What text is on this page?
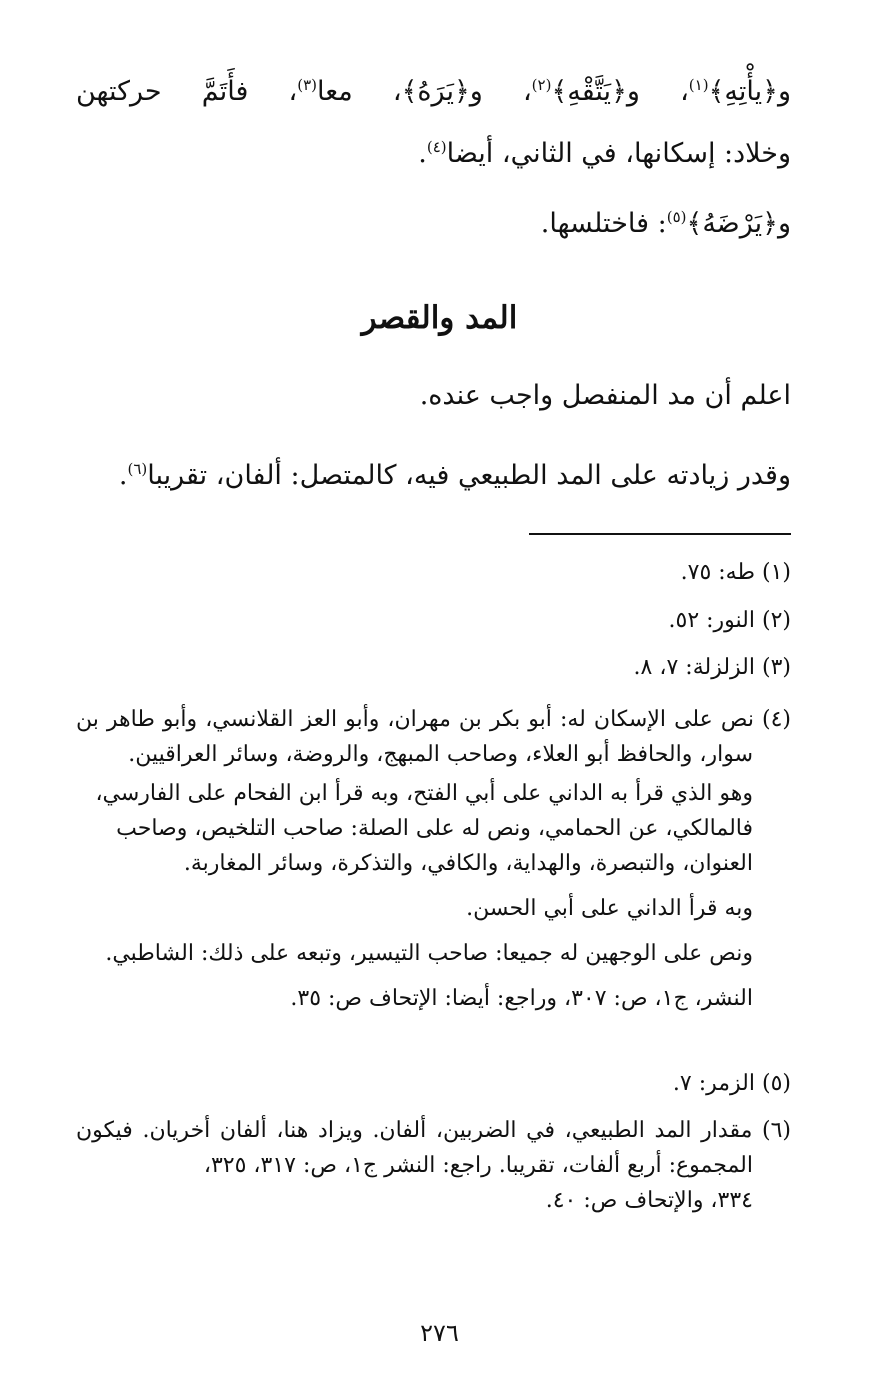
و﴿يأْتِهِ﴾$^{(١)}$، و﴿يَتَّقْهِ﴾$^{(٢)}$، و﴿يَرَهُ﴾، معا$^{(٣)}$، فأَتَمَّ حركتهن
وخلاد: إسكانها، في الثاني، أيضا$^{(٤)}$.
و﴿يَرْضَهُ﴾$^{(٥)}$: فاختلسها.
المد والقصر
اعلم أن مد المنفصل واجب عنده.
وقدر زيادته على المد الطبيعي فيه، كالمتصل: ألفان، تقريبا$^{(٦)}$.
(١) طه: ٧٥.
(٢) النور: ٥٢.
(٣) الزلزلة: ٧، ٨.
(٤) نص على الإسكان له: أبو بكر بن مهران، وأبو العز القلانسي، وأبو طاهر بن
سوار، والحافظ أبو العلاء، وصاحب المبهج، والروضة، وسائر العراقيين.
وهو الذي قرأ به الداني على أبي الفتح، وبه قرأ ابن الفحام على الفارسي،
فالمالكي، عن الحمامي، ونص له على الصلة: صاحب التلخيص، وصاحب
العنوان، والتبصرة، والهداية، والكافي، والتذكرة، وسائر المغاربة.
وبه قرأ الداني على أبي الحسن.
ونص على الوجهين له جميعا: صاحب التيسير، وتبعه على ذلك: الشاطبي.
النشر، ج١، ص: ٣٠٧، وراجع: أيضا: الإتحاف ص: ٣٥.
(٥) الزمر: ٧.
(٦) مقدار المد الطبيعي، في الضربين، ألفان. ويزاد هنا، ألفان أخريان. فيكون
المجموع: أربع ألفات، تقريبا. راجع: النشر ج١، ص: ٣١٧، ٣٢٥،
٣٣٤، والإتحاف ص: ٤٠.
٢٧٦
